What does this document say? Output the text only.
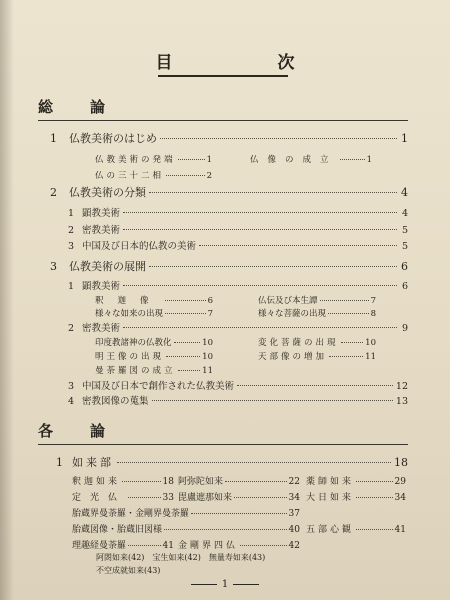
目　次
総　論
1	仏教美術のはじめ	1
仏教美術の発端	1	仏像の成立	1
仏の三十二相	2
2	仏教美術の分類	4
1 顕教美術	4
2 密教美術	5
3 中国及び日本的仏教の美術	5
3	仏教美術の展開	6
1 顕教美術	6
釈迦像	6	仏伝及び本生譚	7
様々な如来の出現	7	様々な菩薩の出現	8
2 密教美術	9
印度教諸神の仏教化	10	変化菩薩の出現	10
明王像の出現	10	天部像の増加	11
曼荼羅図の成立	11
3 中国及び日本で創作された仏教美術	12
4 密教図像の蒐集	13
各　論
1 如来部	18
釈迦如来	18 阿弥陀如来	22 薬師如来	29
定光仏	33 毘盧遮那如来	34 大日如来	34
胎蔵界曼荼羅・金剛界曼荼羅	37
胎蔵図像・胎蔵旧図様	40 五部心観	41
理趣経曼荼羅	41 金剛界四仏	42
阿閦如来(42)　宝生如来(42)　無量寿如来(43)
不空成就如来(43)
1
